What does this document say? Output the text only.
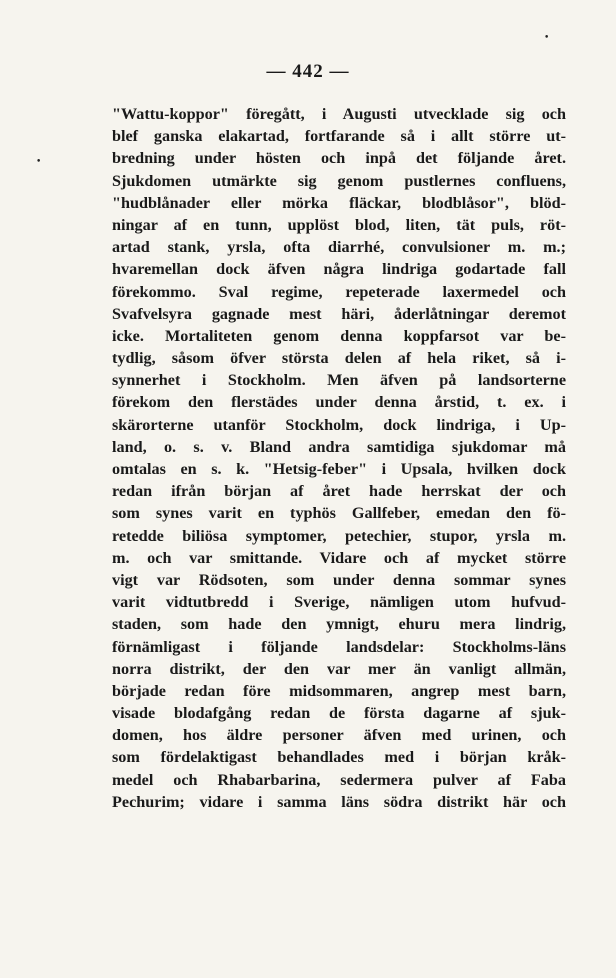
•
•
— 442 —
"Wattu-koppor" föregått, i Augusti utvecklade sig och
blef ganska elakartad, fortfarande så i allt större ut-
bredning under hösten och inpå det följande året.
Sjukdomen utmärkte sig genom pustlernes confluens,
"hudblånader eller mörka fläckar, blodblåsor", blöd-
ningar af en tunn, upplöst blod, liten, tät puls, röt-
artad stank, yrsla, ofta diarrhé, convulsioner m. m.;
hvaremellan dock äfven några lindriga godartade fall
förekommo. Sval regime, repeterade laxermedel och
Svafvelsyra gagnade mest häri, åderlåtningar deremot
icke. Mortaliteten genom denna koppfarsot var be-
tydlig, såsom öfver största delen af hela riket, så i-
synnerhet i Stockholm. Men äfven på landsorterne
förekom den flerstädes under denna årstid, t. ex. i
skärorterne utanför Stockholm, dock lindriga, i Up-
land, o. s. v. Bland andra samtidiga sjukdomar må
omtalas en s. k. "Hetsig-feber" i Upsala, hvilken dock
redan ifrån början af året hade herrskat der och
som synes varit en typhös Gallfeber, emedan den fö-
retedde biliösa symptomer, petechier, stupor, yrsla m.
m. och var smittande. Vidare och af mycket större
vigt var Rödsoten, som under denna sommar synes
varit vidtutbredd i Sverige, nämligen utom hufvud-
staden, som hade den ymnigt, ehuru mera lindrig,
förnämligast i följande landsdelar: Stockholms-läns
norra distrikt, der den var mer än vanligt allmän,
började redan före midsommaren, angrep mest barn,
visade blodafgång redan de första dagarne af sjuk-
domen, hos äldre personer äfven med urinen, och
som fördelaktigast behandlades med i början kråk-
medel och Rhabarbarina, sedermera pulver af Faba
Pechurim; vidare i samma läns södra distrikt här och
